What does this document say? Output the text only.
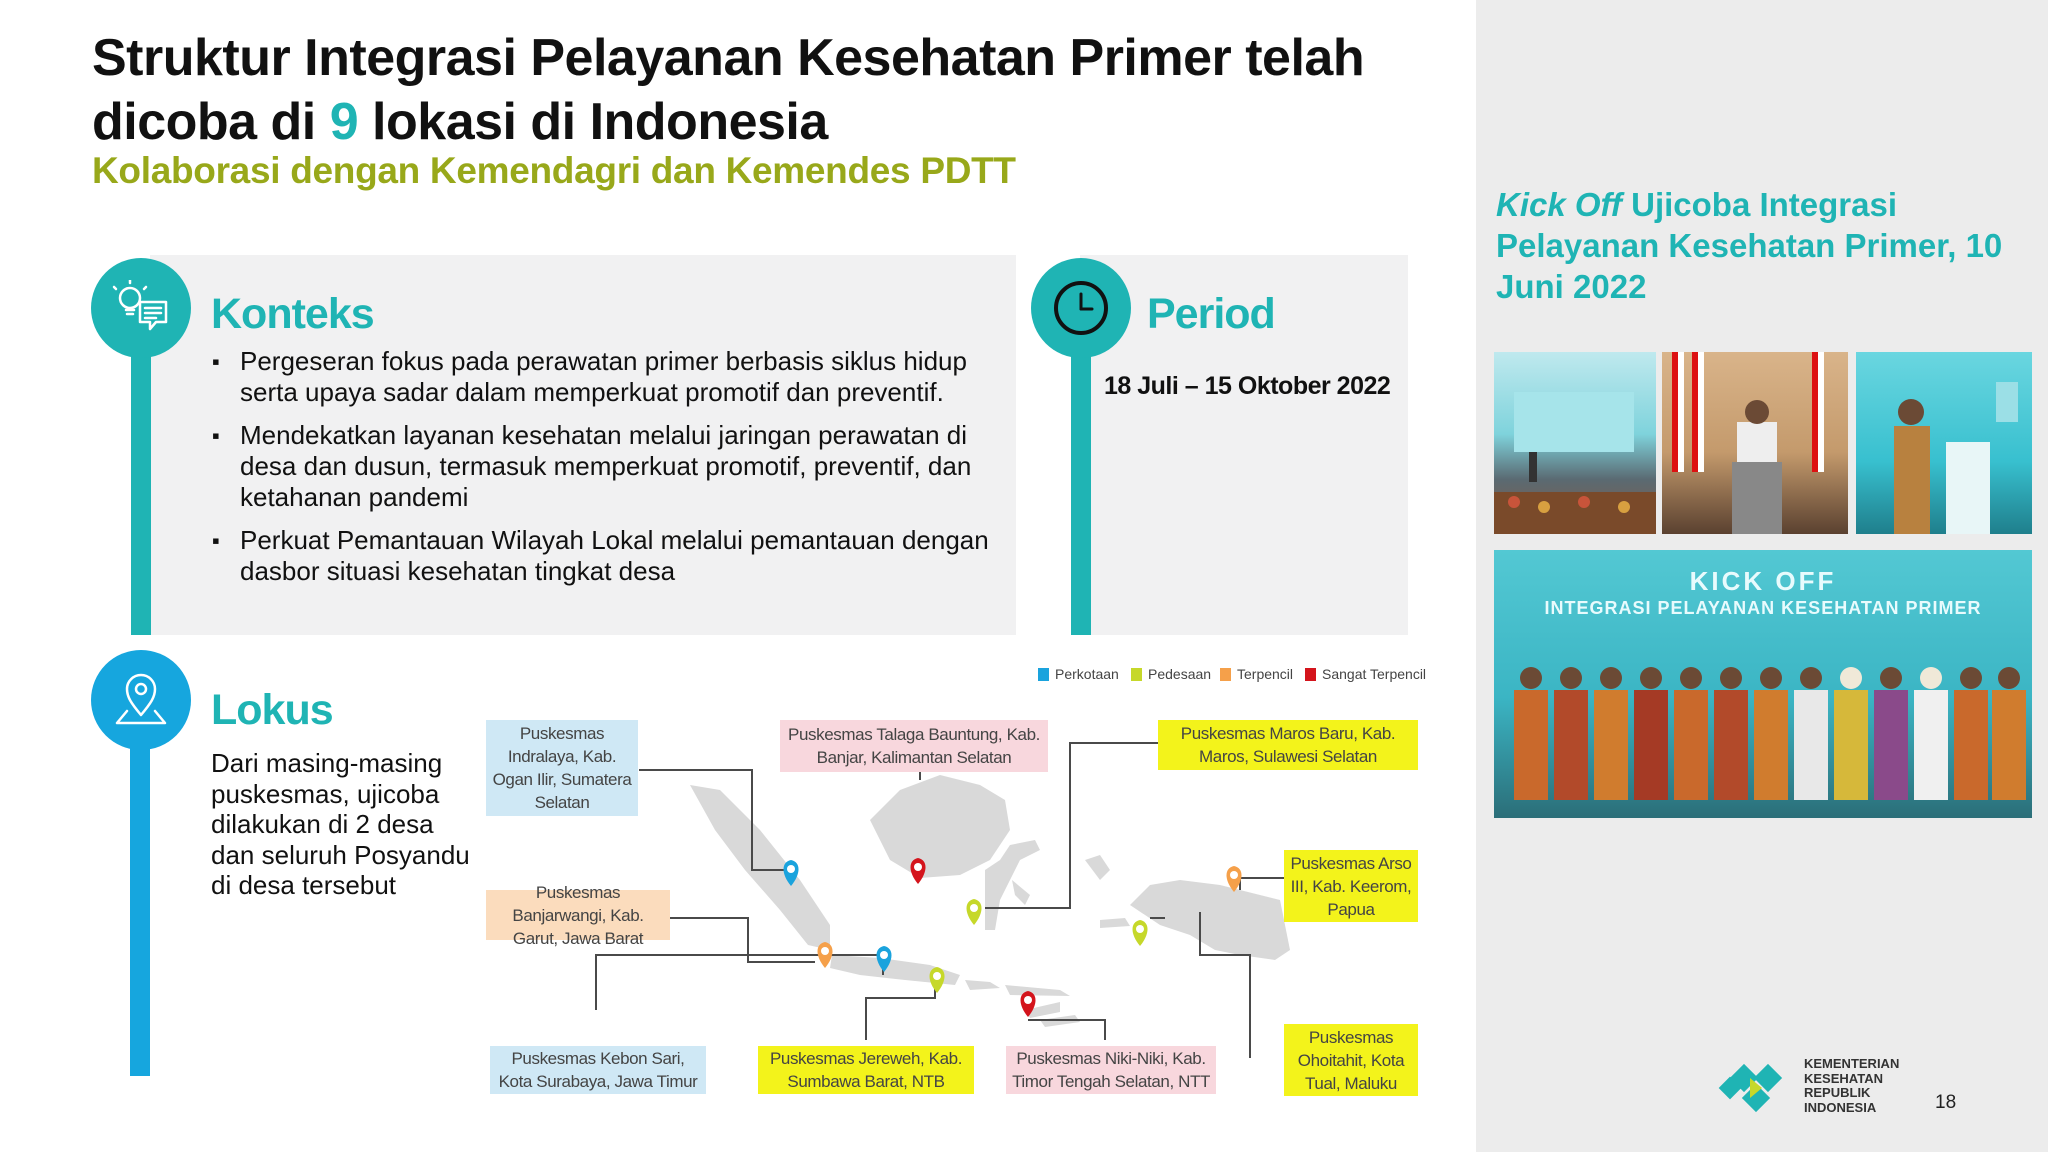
Struktur Integrasi Pelayanan Kesehatan Primer telah dicoba di 9 lokasi di Indonesia
Kolaborasi dengan Kemendagri dan Kemendes PDTT
Konteks
▪ Pergeseran fokus pada perawatan primer berbasis siklus hidup serta upaya sadar dalam memperkuat promotif dan preventif.
▪ Mendekatkan layanan kesehatan melalui jaringan perawatan di desa dan dusun, termasuk memperkuat promotif, preventif, dan ketahanan pandemi
▪ Perkuat Pemantauan Wilayah Lokal melalui pemantauan dengan dasbor situasi kesehatan tingkat desa
Period
18 Juli – 15 Oktober 2022
Lokus
Dari masing-masing puskesmas, ujicoba dilakukan di 2 desa dan seluruh Posyandu di desa tersebut
Perkotaan Pedesaan Terpencil Sangat Terpencil
Puskesmas Indralaya, Kab. Ogan Ilir, Sumatera Selatan
Puskesmas Talaga Bauntung, Kab. Banjar, Kalimantan Selatan
Puskesmas Maros Baru, Kab. Maros, Sulawesi Selatan
Puskesmas Arso III, Kab. Keerom, Papua
Puskesmas Banjarwangi, Kab. Garut, Jawa Barat
Puskesmas Kebon Sari, Kota Surabaya, Jawa Timur
Puskesmas Jereweh, Kab. Sumbawa Barat, NTB
Puskesmas Niki-Niki, Kab. Timor Tengah Selatan, NTT
Puskesmas Ohoitahit, Kota Tual, Maluku
Kick Off Ujicoba Integrasi Pelayanan Kesehatan Primer, 10 Juni 2022
KICK OFF
INTEGRASI PELAYANAN KESEHATAN PRIMER
KEMENTERIAN KESEHATAN REPUBLIK INDONESIA	18
